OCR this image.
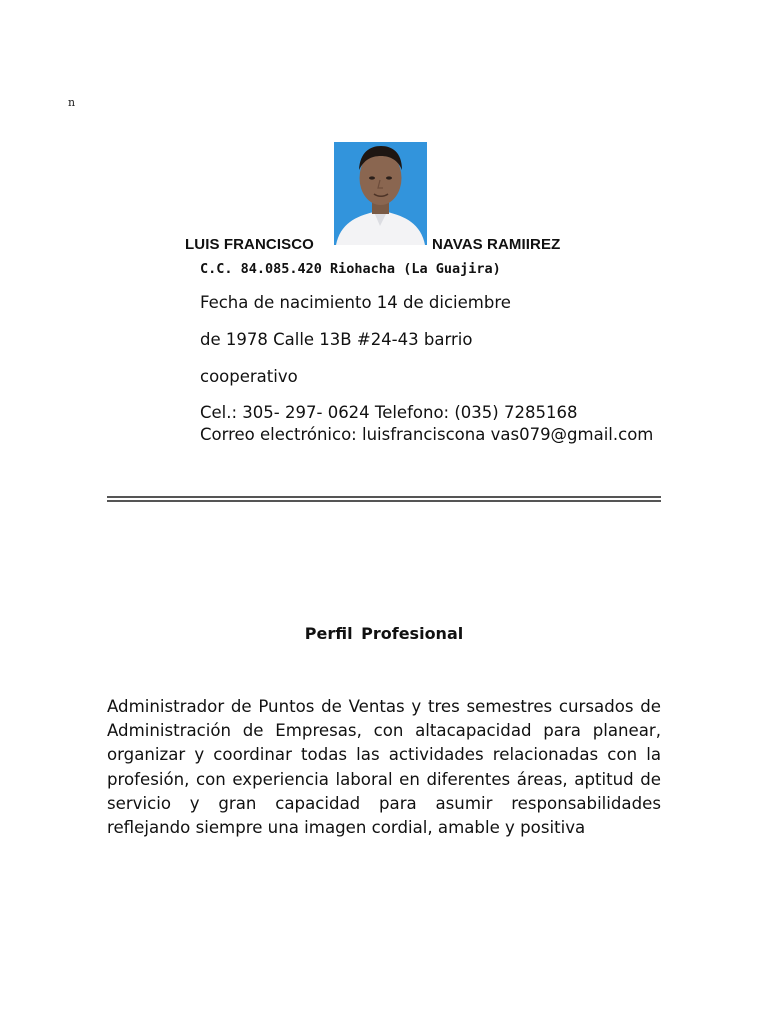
n
LUIS FRANCISCO	NAVAS RAMIIREZ
C.C. 84.085.420 Riohacha (La Guajira)
Fecha de nacimiento 14 de diciembre
de 1978 Calle 13B #24-43 barrio
cooperativo
Cel.: 305- 297- 0624 Telefono: (035) 7285168
Correo electrónico: luisfranciscona vas079@gmail.com
Perfil Profesional

Administrador de Puntos de Ventas y tres semestres cursados de Administración de Empresas, con altacapacidad para planear, organizar y coordinar todas las actividades relacionadas con la profesión, con experiencia laboral en diferentes áreas, aptitud de servicio y gran capacidad para asumir responsabilidades reflejando siempre una imagen cordial, amable y positiva
